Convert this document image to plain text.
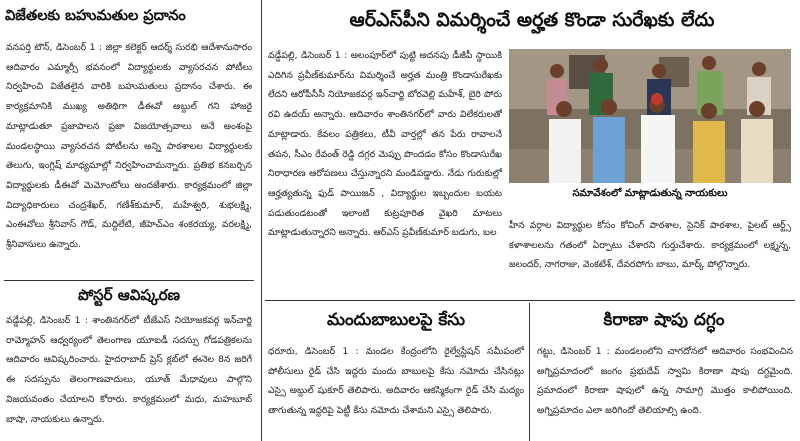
విజేతలకు బహుమతుల ప్రదానం

వనపర్తి టౌన్, డిసెంబర్ 1 : జిల్లా కలెక్టర్ ఆదర్శ్ సురభి ఆదేశానుసారం ఆదివారం ఎమ్మార్సీ భవనంలో విద్యార్థులకు వ్యాసరచన పోటీలు నిర్వహించి విజేతలైన వారికి బహుమతులు ప్రదానం చేశారు. ఈ కార్యక్రమానికి ముఖ్య అతిథిగా డీఈవో అబ్దుల్ గని హాజరై మాట్లాడుతూ ప్రజాపాలన ప్రజా విజయోత్సవాలు అనే అంశంపై మండలస్థాయి వ్యాసరచన పోటీలను అన్ని పాఠశాలల విద్యార్థులకు తెలుగు, ఇంగ్లిష్ మాధ్యమాల్లో నిర్వహించామన్నారు. ప్రతిభ కనబర్చిన విద్యార్థులకు డీఈవో మెమోంటోలు అందజేశారు. కార్యక్రమంలో జిల్లా విద్యాధికారులు చంద్రశేఖర్, గణేశ్‌కుమార్, మహేశ్వరి, శుభలక్ష్మి, ఎంఈవోలు శ్రీనివాస్ గౌడ్, మద్దిలేటి, జీహెచ్ఎం శంకరయ్య, వరలక్ష్మి, శ్రీనివాసులు ఉన్నారు.

పోస్టర్ ఆవిష్కరణ

వడ్డేపల్లి, డిసెంబర్ 1 : శాంతినగర్‌లో టీజేఎస్ నియోజకవర్గ ఇన్‌చార్జి రామ్మోహన్ ఆధ్వర్యంలో తెలంగాణ యూఐడీ సదస్సు గోడపత్రికలను ఆదివారం ఆవిష్కరించారు. హైదరాబాద్ ప్రెస్ క్లబ్‌లో ఈనెల 8న జరిగే ఈ సదస్సును తెలంగాణవాదులు, యూత్ మేధావులు పాల్గొని విజయవంతం చేయాలని కోరారు. కార్యక్రమంలో మధు, మహబూబ్ బాషా, నాయకులు ఉన్నారు.

ఆర్ఎస్‌పీని విమర్శించే అర్హత కొండా సురేఖకు లేదు

వడ్డేపల్లి, డిసెంబర్ 1 : అలంపూర్‌లో పుట్టి అదనపు డీజీపీ స్థాయికి ఎదిగిన ప్రవీణ్‌కుమార్‌ను విమర్శించే అర్హత మంత్రి కొండాసురేఖకు లేదని ఆరోపీసీసీ నియోజకవర్గ ఇన్‌చార్జి బోరవెల్లి మహేశ్, బైరి పోరు రవి ఉదయ్ అన్నారు. ఆదివారం శాంతినగర్‌లో వారు విలేకరులతో మాట్లాడారు. కేవలం పత్రికలు, టీవీ వార్తల్లో తన పేరు రావాలనే తపన, సీఎం రేవంత్ రెడ్డి దగ్గర మెప్పు పొందడం కోసం కొండాసురేఖ నిరాధారణ ఆరోపణలు చేస్తున్నారని మండిపడ్డారు. నేడు గురుకుల్లో ఆర్హత్యతున్న ఫుడ్ పాయిజన్ , విద్యార్థుల ఇబ్బందుల బయట పడుతుండటంతో ఇలాంటి కుట్రపూరిత వైఖరి మాటలు మాట్లాడుతున్నారని అన్నారు. ఆర్ఎస్ ప్రవీణ్‌కుమార్ బడుగు, బల

సమావేశంలో మాట్లాడుతున్న నాయకులు

హీన వర్గాల విద్యార్థుల కోసం కోచింగ్ పాఠశాల, సైనిక్ పాఠశాల, పైలట్ ఆర్ట్స్ కళాశాలలను గతంలో ఏర్పాటు చేశారని గుర్తుచేశారు. కార్యక్రమంలో లక్ష్మన్న, జలందర్, నాగరాజు, వెంకటేశ్, దేవరపోగు బాబు, మార్క్ పోల్గొన్నారు.

మందుబాబులపై కేసు

ధరూరు, డిసెంబర్ 1 : మండల కేంద్రంలోని రైల్వేస్టేషన్ సమీపంలో పోలీసులు రైడ్ చేసి ఇద్దరు మందు బాబులపై కేసు నమోదు చేసినట్లు ఎస్సై అబ్దుల్ షుకూర్ తెలిపారు. అదివారం ఆకస్మికంగా రైడ్ చేసి మద్యం తాగుతున్న ఇద్దరిపై పెట్టీ కేసు నమోదు చేశామని ఎస్సై తెలిపారు.

కిరాణా షాపు దగ్ధం

గట్టు, డిసెంబర్ 1 : మండలంలోని చాగదోనలో ఆదివారం సంభవించిన అగ్నిప్రమాదంలో జంగం ప్రభుదేవ్ స్వామి కిరాణా షాపు దగ్ధమైంది. ప్రమాదంలో కిరాణా షాపులో ఉన్న సామాగ్రి మొత్తం కాలిపోయింది. అగ్నిప్రమాదం ఎలా జరిగిందో తెలియాల్సి ఉంది.
